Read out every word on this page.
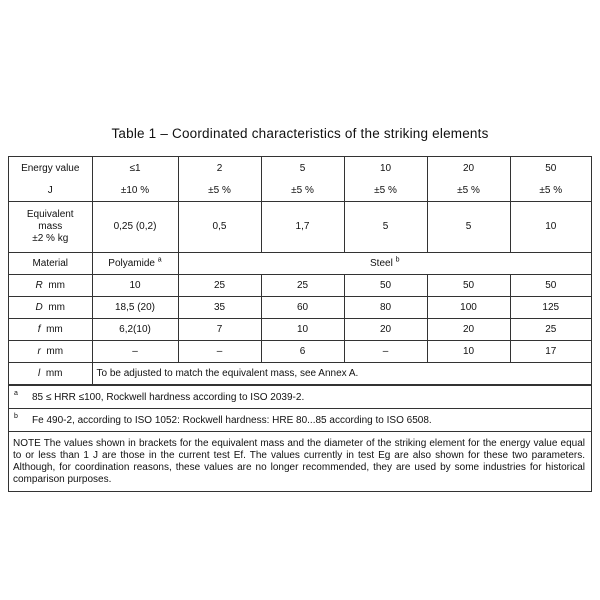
Table 1 – Coordinated characteristics of the striking elements
Energy value	≤1	2	5	10	20	50
J	±10 %	±5 %	±5 %	±5 %	±5 %	±5 %

Equivalent
mass
±2 % kg	0,25 (0,2)	0,5	1,7	5	5	10
Material	Polyamide $^a$	Steel $^b$
R mm	10	25	25	50	50	50
D mm	18,5 (20)	35	60	80	100	125
f mm	6,2(10)	7	10	20	20	25
r mm	–	–	6	–	10	17
l mm	To be adjusted to match the equivalent mass, see Annex A.					
a	85 ≤ HRR ≤100, Rockwell hardness according to ISO 2039-2.
b	Fe 490-2, according to ISO 1052: Rockwell hardness: HRE 80...85 according to ISO 6508.
NOTE The values shown in brackets for the equivalent mass and the diameter of the striking element for the energy value equal to or less than 1 J are those in the current test Ef. The values currently in test Eg are also shown for these two parameters. Although, for coordination reasons, these values are no longer recommended, they are used by some industries for historical comparison purposes.
